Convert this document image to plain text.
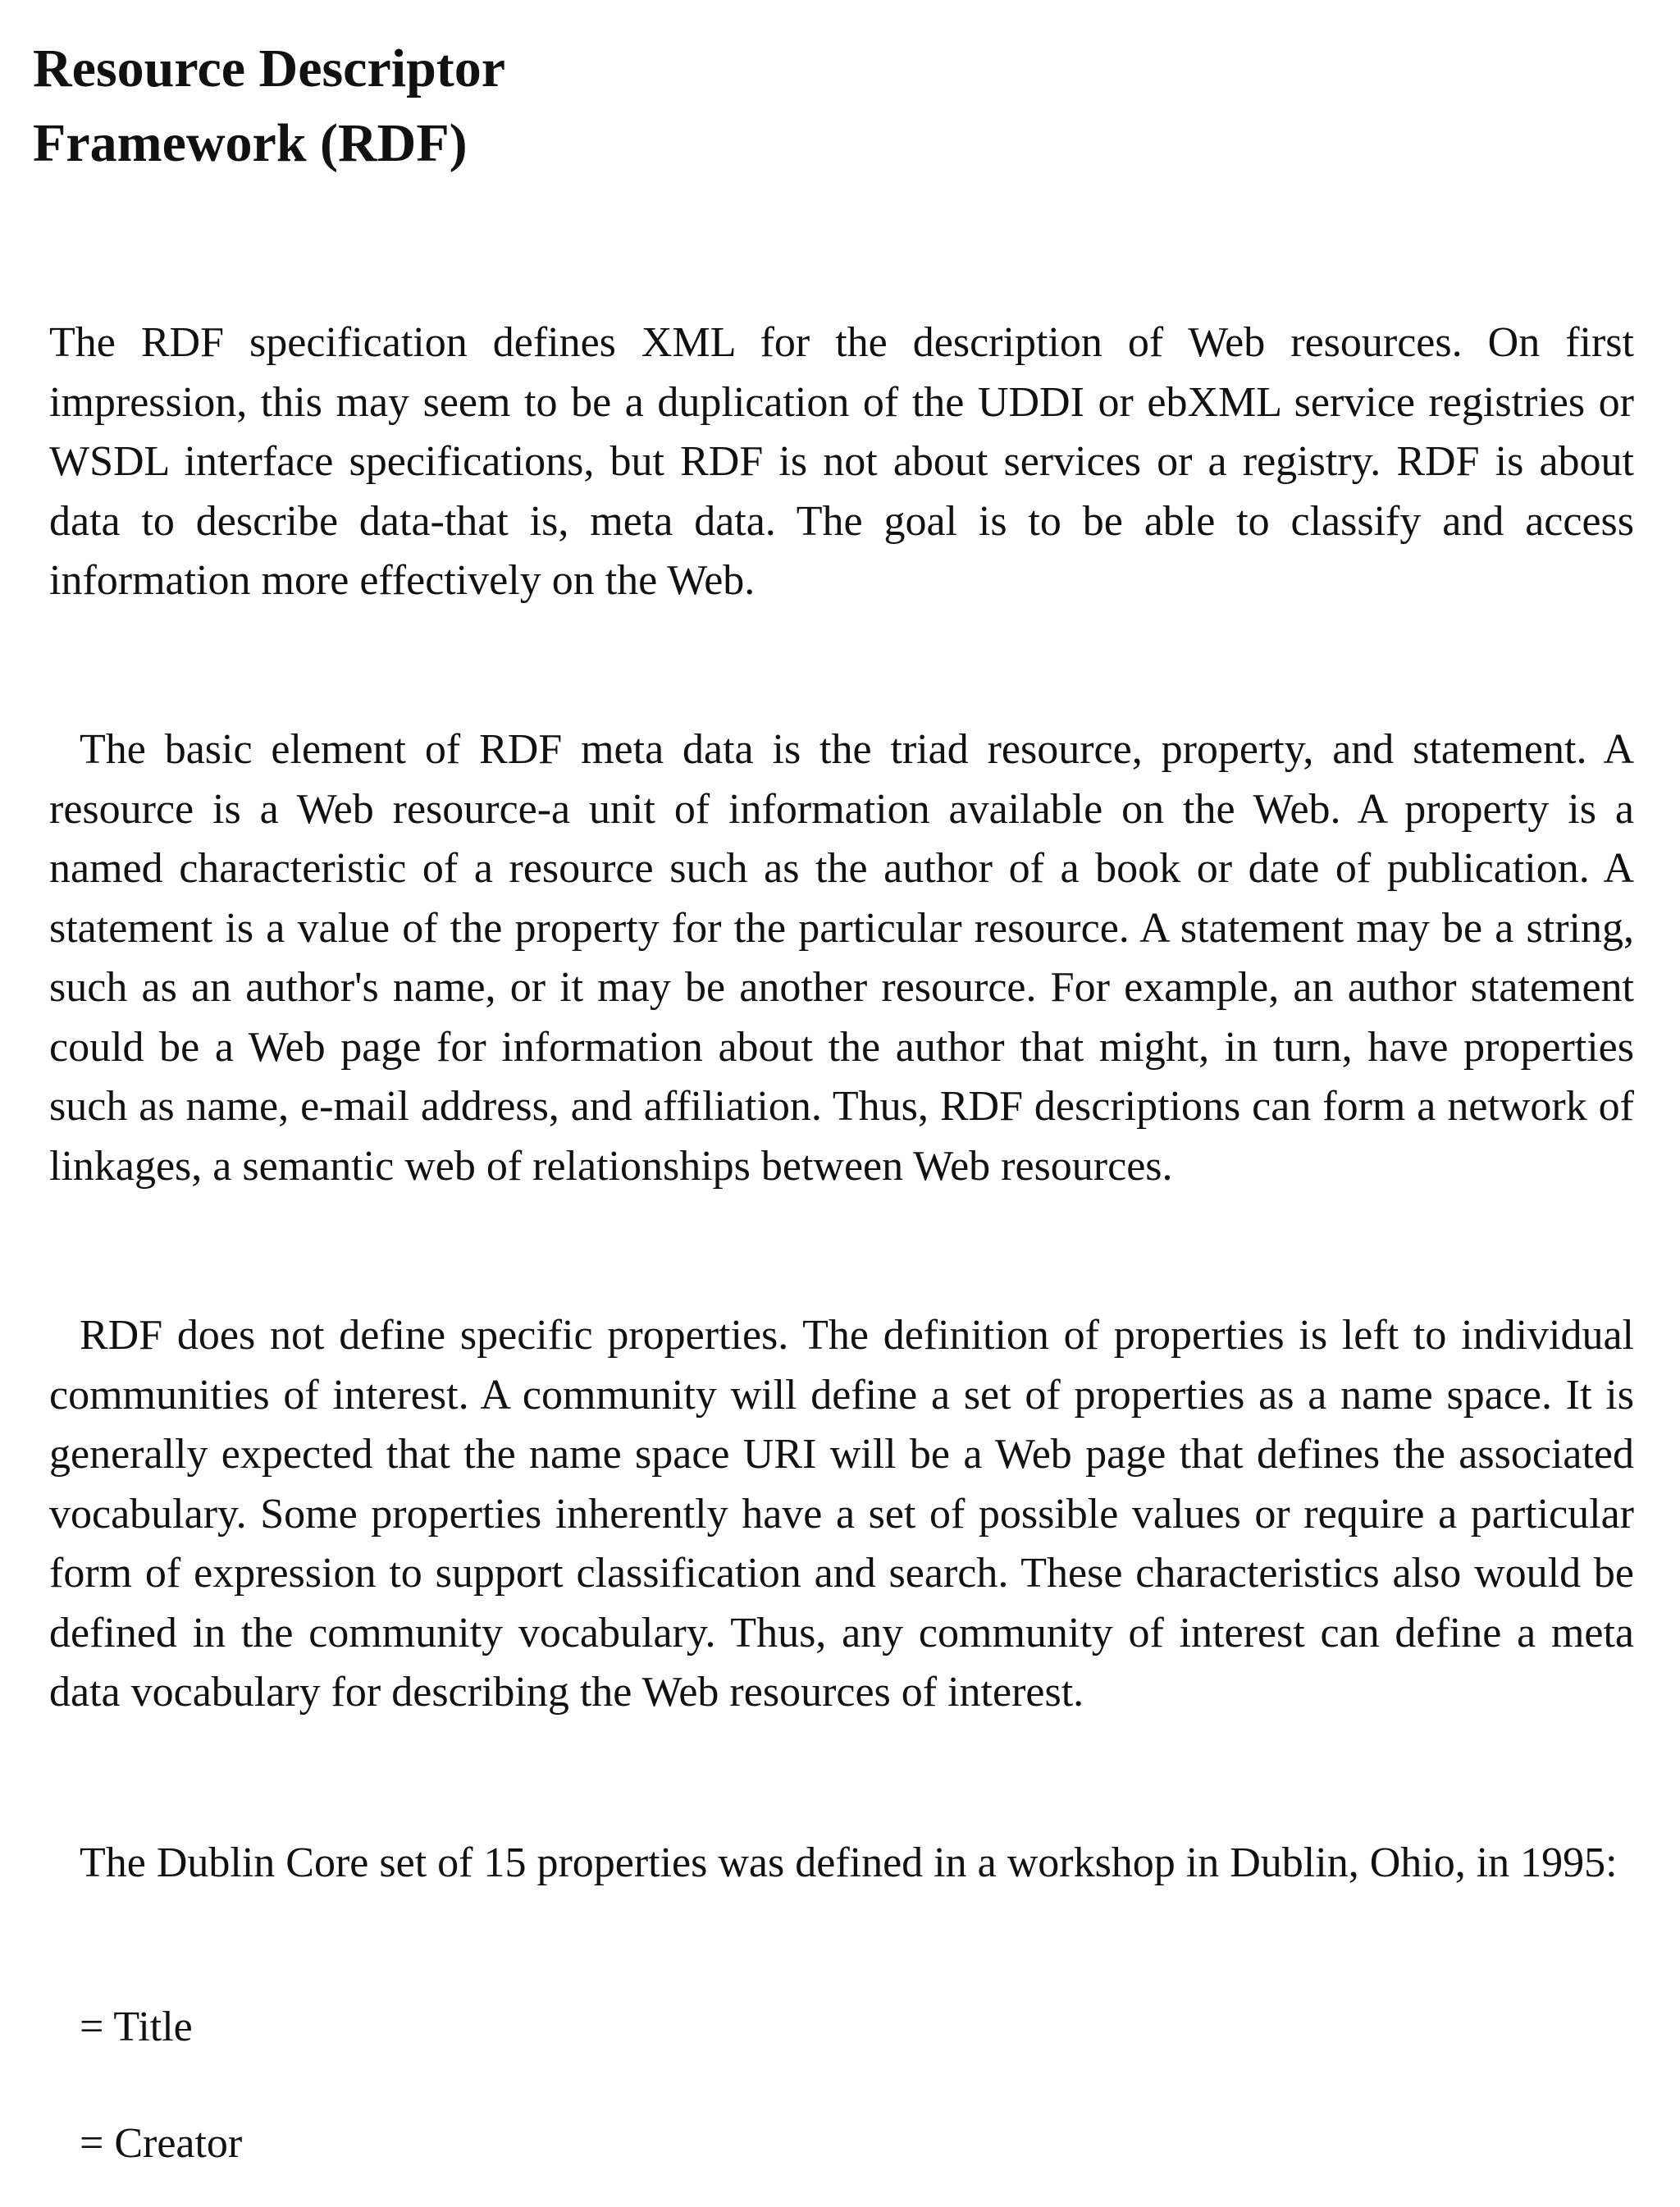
Resource Descriptor
Framework (RDF)

The RDF specification defines XML for the description of Web resources. On first impression, this may seem to be a duplication of the UDDI or ebXML service registries or WSDL interface specifications, but RDF is not about services or a registry. RDF is about data to describe data-that is, meta data. The goal is to be able to classify and access information more effectively on the Web.

The basic element of RDF meta data is the triad resource, property, and statement. A resource is a Web resource-a unit of information available on the Web. A property is a named characteristic of a resource such as the author of a book or date of publication. A statement is a value of the property for the particular resource. A statement may be a string, such as an author's name, or it may be another resource. For example, an author statement could be a Web page for information about the author that might, in turn, have properties such as name, e-mail address, and affiliation. Thus, RDF descriptions can form a network of linkages, a semantic web of relationships between Web resources.

RDF does not define specific properties. The definition of properties is left to individual communities of interest. A community will define a set of properties as a name space. It is generally expected that the name space URI will be a Web page that defines the associated vocabulary. Some properties inherently have a set of possible values or require a particular form of expression to support classification and search. These characteristics also would be defined in the community vocabulary. Thus, any community of interest can define a meta data vocabulary for describing the Web resources of interest.

The Dublin Core set of 15 properties was defined in a workshop in Dublin, Ohio, in 1995:

= Title

= Creator
